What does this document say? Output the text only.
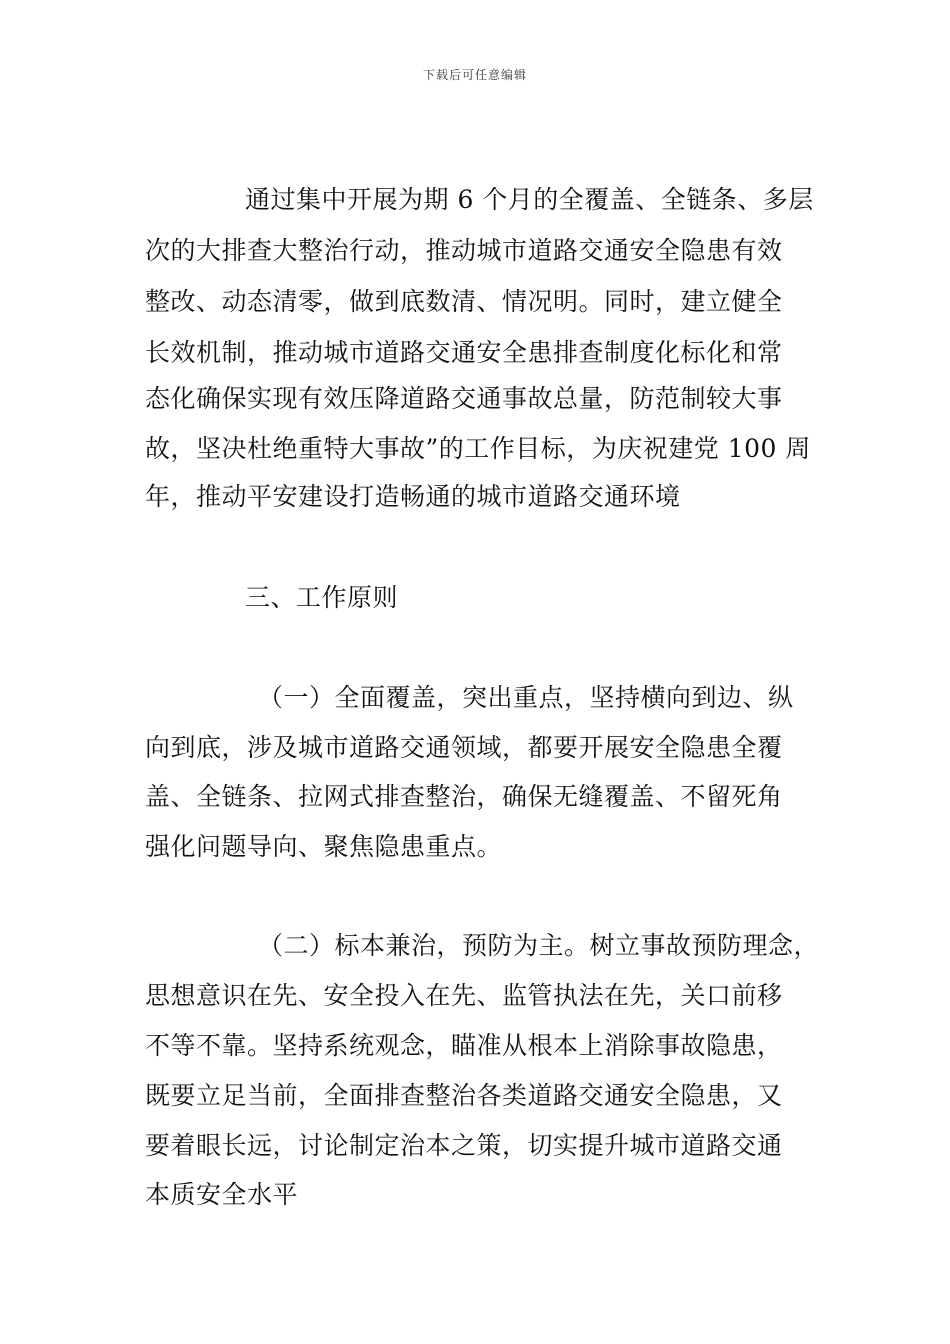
下载后可任意编辑
通过集中开展为期 6 个月的全覆盖、全链条、多层
次的大排查大整治行动，推动城市道路交通安全隐患有效
整改、动态清零，做到底数清、情况明。同时，建立健全
长效机制，推动城市道路交通安全患排查制度化标化和常
态化确保实现有效压降道路交通事故总量，防范制较大事
故，坚决杜绝重特大事故”的工作目标，为庆祝建党 100 周
年，推动平安建设打造畅通的城市道路交通环境
三、工作原则
（一）全面覆盖，突出重点，坚持横向到边、纵
向到底，涉及城市道路交通领域，都要开展安全隐患全覆
盖、全链条、拉网式排查整治，确保无缝覆盖、不留死角
强化问题导向、聚焦隐患重点。
（二）标本兼治，预防为主。树立事故预防理念，
思想意识在先、安全投入在先、监管执法在先，关口前移
不等不靠。坚持系统观念，瞄准从根本上消除事故隐患，
既要立足当前，全面排查整治各类道路交通安全隐患，又
要着眼长远，讨论制定治本之策，切实提升城市道路交通
本质安全水平
